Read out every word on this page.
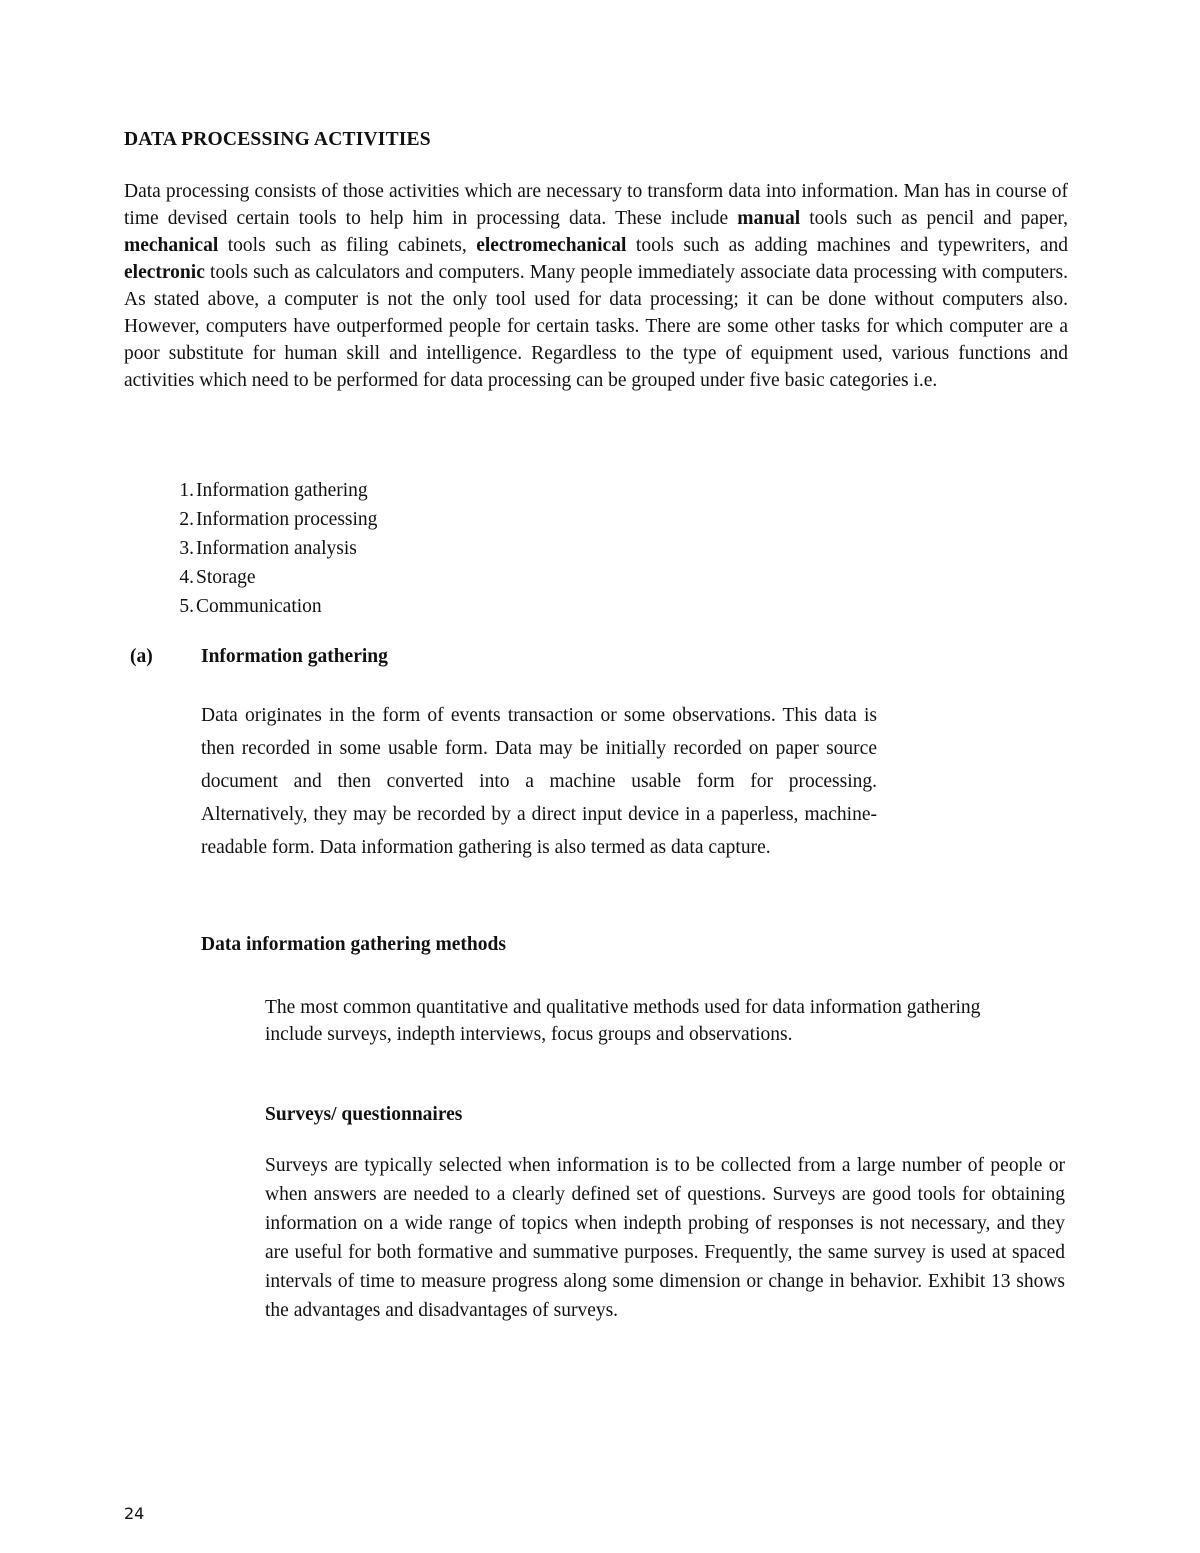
DATA PROCESSING ACTIVITIES

Data processing consists of those activities which are necessary to transform data into information. Man has in course of time devised certain tools to help him in processing data. These include manual tools such as pencil and paper, mechanical tools such as filing cabinets, electromechanical tools such as adding machines and typewriters, and electronic tools such as calculators and computers. Many people immediately associate data processing with computers. As stated above, a computer is not the only tool used for data processing; it can be done without computers also. However, computers have outperformed people for certain tasks. There are some other tasks for which computer are a poor substitute for human skill and intelligence. Regardless to the type of equipment used, various functions and activities which need to be performed for data processing can be grouped under five basic categories i.e.

1. Information gathering
2. Information processing
3. Information analysis
4. Storage
5. Communication
(a) Information gathering

Data originates in the form of events transaction or some observations. This data is then recorded in some usable form. Data may be initially recorded on paper source document and then converted into a machine usable form for processing. Alternatively, they may be recorded by a direct input device in a paperless, machine-readable form. Data information gathering is also termed as data capture.

Data information gathering methods

The most common quantitative and qualitative methods used for data information gathering include surveys, indepth interviews, focus groups and observations.

Surveys/ questionnaires

Surveys are typically selected when information is to be collected from a large number of people or when answers are needed to a clearly defined set of questions. Surveys are good tools for obtaining information on a wide range of topics when indepth probing of responses is not necessary, and they are useful for both formative and summative purposes. Frequently, the same survey is used at spaced intervals of time to measure progress along some dimension or change in behavior. Exhibit 13 shows the advantages and disadvantages of surveys.

24
